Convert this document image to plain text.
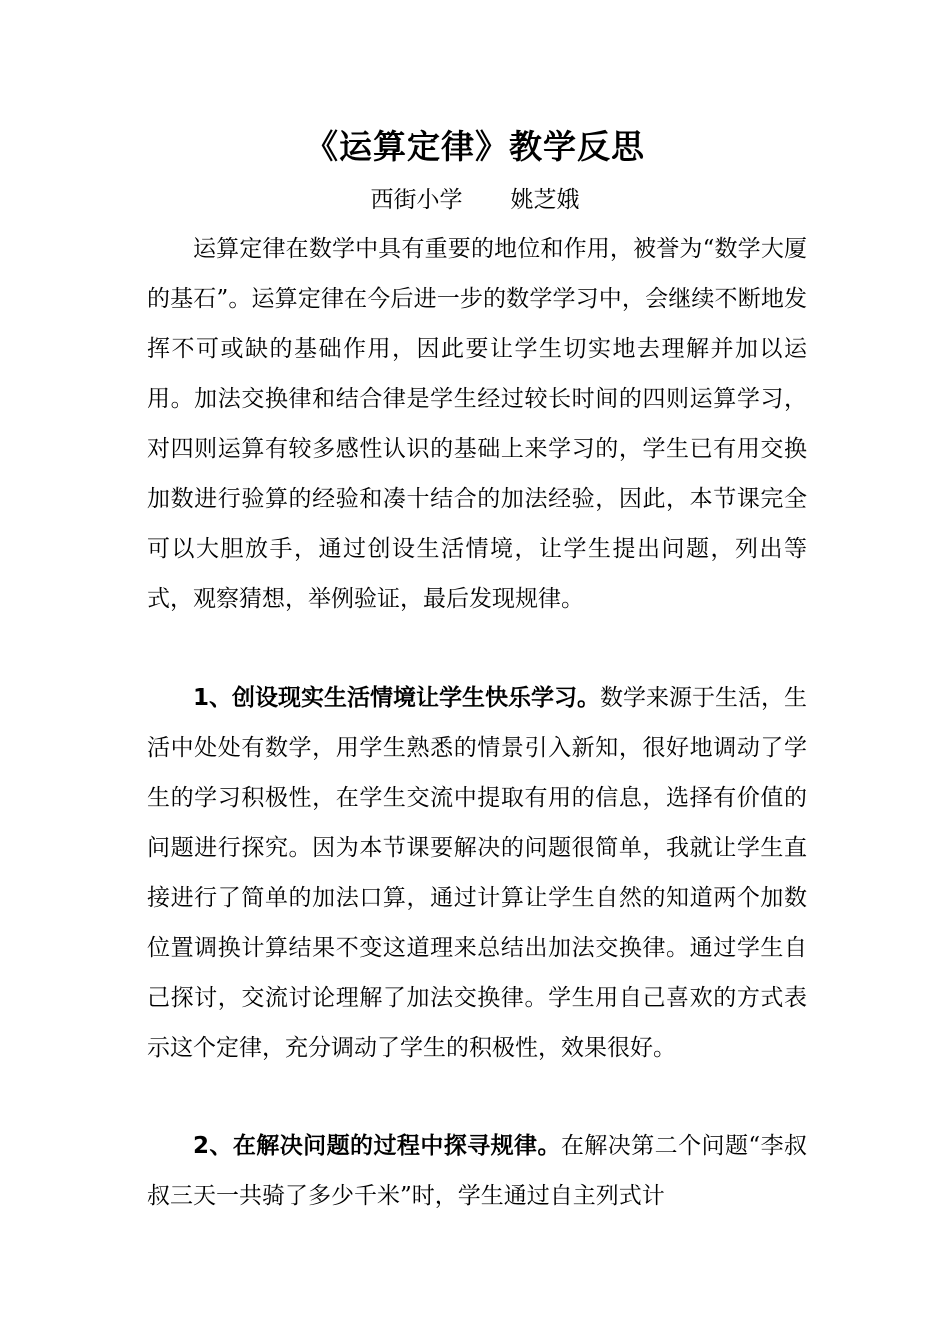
《运算定律》教学反思
西街小学 姚芝娥

运算定律在数学中具有重要的地位和作用，被誉为“数学大厦的基石”。运算定律在今后进一步的数学学习中，会继续不断地发挥不可或缺的基础作用，因此要让学生切实地去理解并加以运用。加法交换律和结合律是学生经过较长时间的四则运算学习，对四则运算有较多感性认识的基础上来学习的，学生已有用交换加数进行验算的经验和凑十结合的加法经验，因此，本节课完全可以大胆放手，通过创设生活情境，让学生提出问题，列出等式，观察猜想，举例验证，最后发现规律。

1、创设现实生活情境让学生快乐学习。数学来源于生活，生活中处处有数学，用学生熟悉的情景引入新知，很好地调动了学生的学习积极性，在学生交流中提取有用的信息，选择有价值的问题进行探究。因为本节课要解决的问题很简单，我就让学生直接进行了简单的加法口算，通过计算让学生自然的知道两个加数位置调换计算结果不变这道理来总结出加法交换律。通过学生自己探讨，交流讨论理解了加法交换律。学生用自己喜欢的方式表示这个定律，充分调动了学生的积极性，效果很好。

2、在解决问题的过程中探寻规律。在解决第二个问题“李叔叔三天一共骑了多少千米”时，学生通过自主列式计
